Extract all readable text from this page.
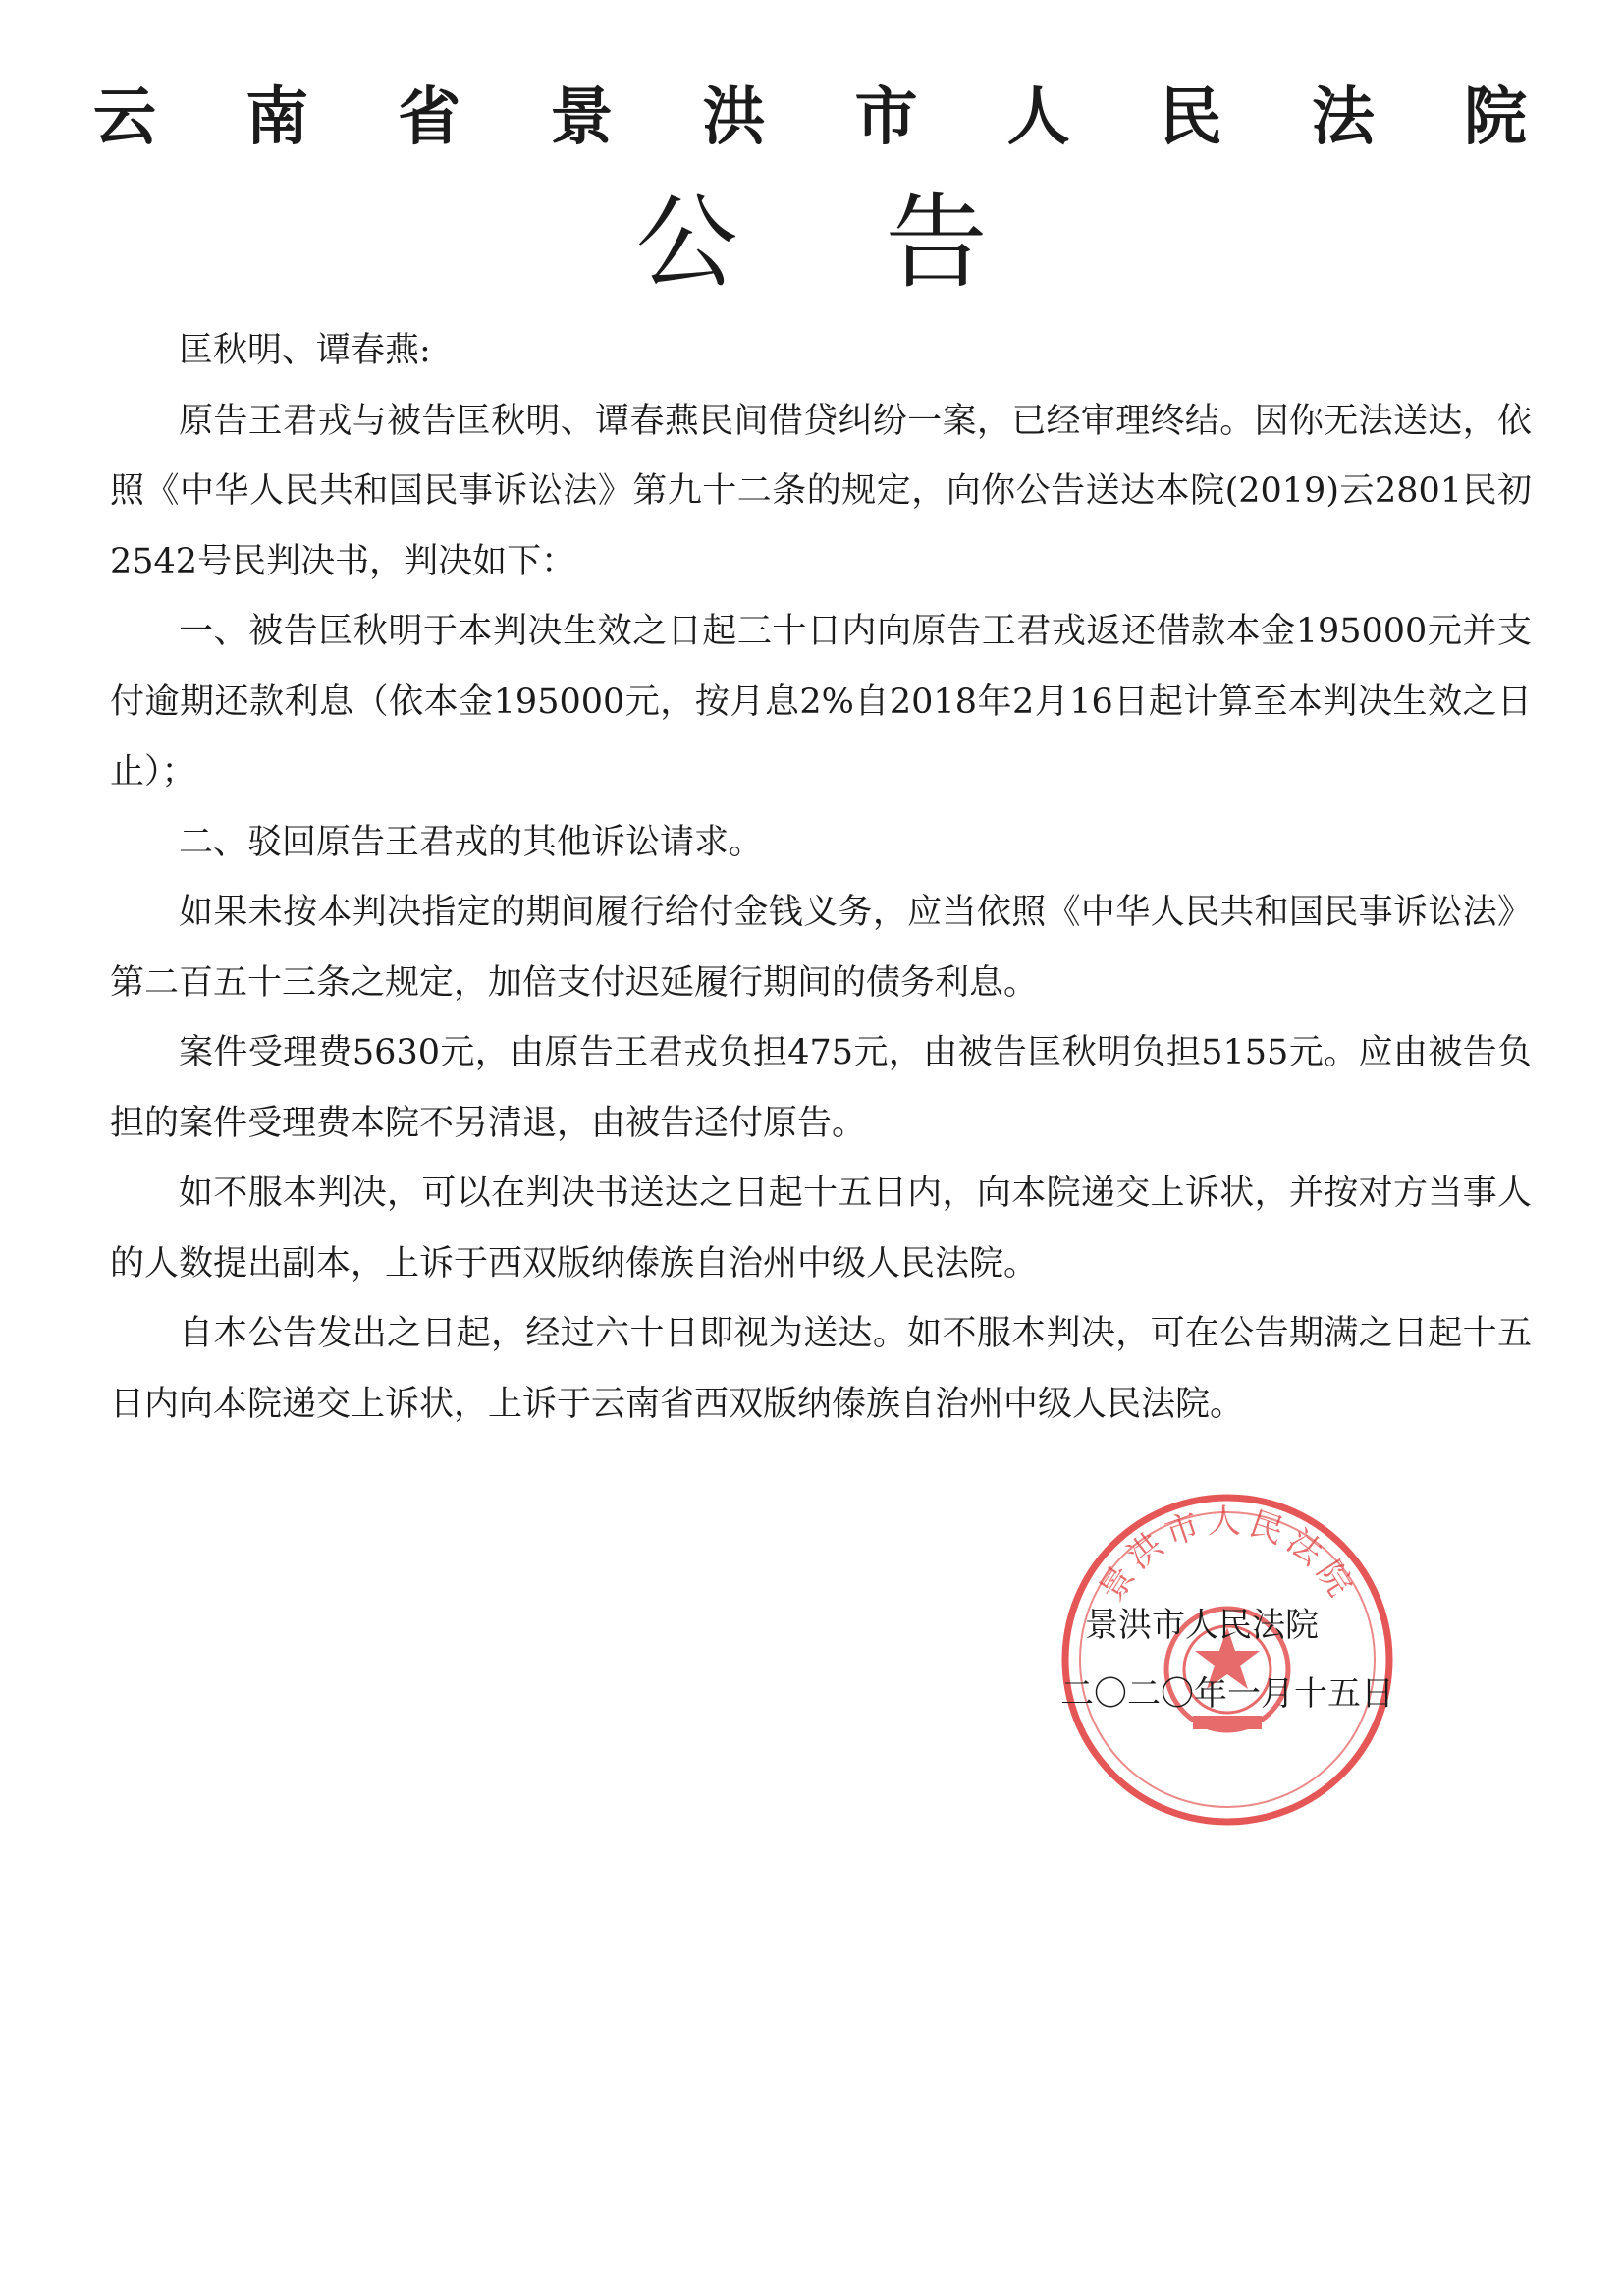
云 南 省 景 洪 市 人 民 法 院
公告

匡秋明、谭春燕:

原告王君戎与被告匡秋明、谭春燕民间借贷纠纷一案，已经审理终结。因你无法送达，依照《中华人民共和国民事诉讼法》第九十二条的规定，向你公告送达本院(2019)云2801民初2542号民判决书，判决如下：

一、被告匡秋明于本判决生效之日起三十日内向原告王君戎返还借款本金195000元并支付逾期还款利息（依本金195000元，按月息2%自2018年2月16日起计算至本判决生效之日止）；

二、驳回原告王君戎的其他诉讼请求。

如果未按本判决指定的期间履行给付金钱义务，应当依照《中华人民共和国民事诉讼法》第二百五十三条之规定，加倍支付迟延履行期间的债务利息。

案件受理费5630元，由原告王君戎负担475元，由被告匡秋明负担5155元。应由被告负担的案件受理费本院不另清退，由被告迳付原告。

如不服本判决，可以在判决书送达之日起十五日内，向本院递交上诉状，并按对方当事人的人数提出副本，上诉于西双版纳傣族自治州中级人民法院。

自本公告发出之日起，经过六十日即视为送达。如不服本判决，可在公告期满之日起十五日内向本院递交上诉状，上诉于云南省西双版纳傣族自治州中级人民法院。

景洪市人民法院
景洪市人民法院
二〇二〇年一月十五日
